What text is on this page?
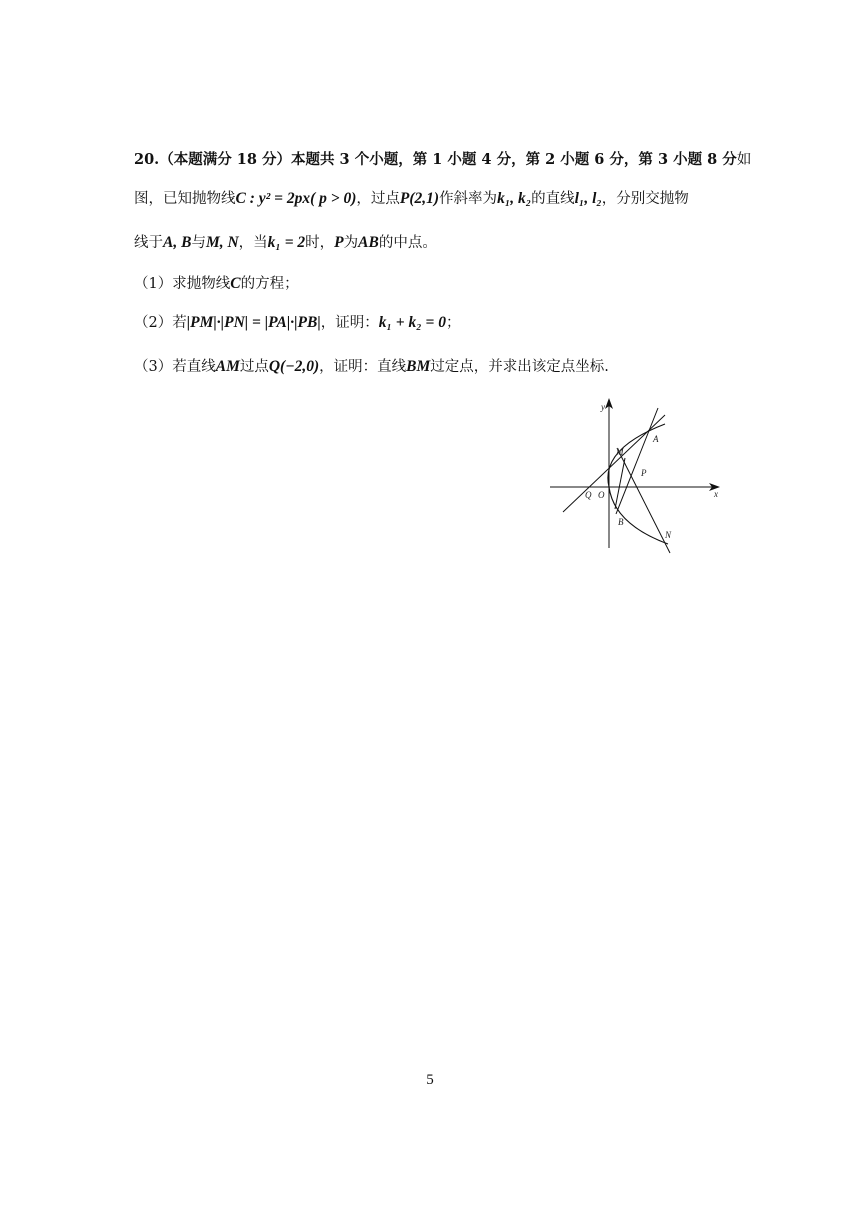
20.（本题满分 18 分）本题共 3 个小题，第 1 小题 4 分，第 2 小题 6 分，第 3 小题 8 分如
图，已知抛物线C : y² = 2px( p > 0)，过点P(2,1)作斜率为k₁, k₂的直线l₁, l₂，分别交抛物
线于A, B与M, N，当k₁ = 2时，P为AB的中点。
（1）求抛物线C的方程；
（2）若|PM|·|PN| = |PA|·|PB|，证明：k₁ + k₂ = 0；
（3）若直线AM过点Q(−2,0)，证明：直线BM过定点，并求出该定点坐标.
y
x
O
Q
M
A
P
B
N
5
